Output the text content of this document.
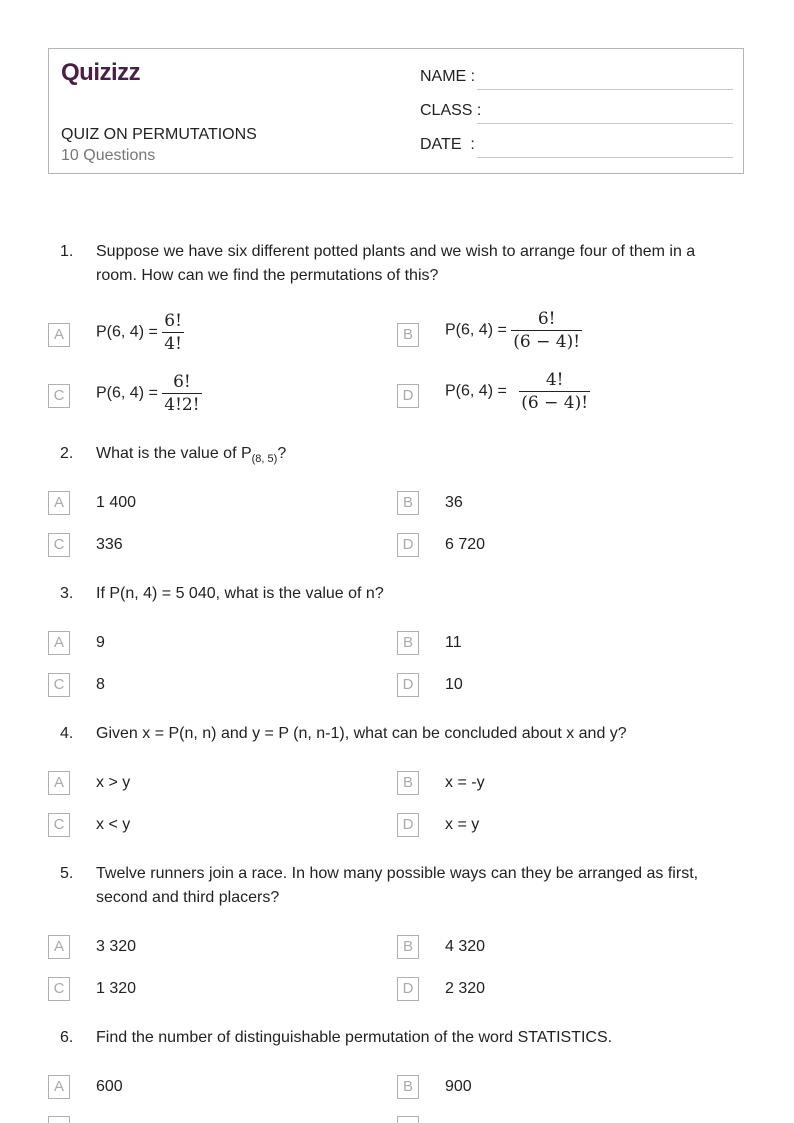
Quizizz
QUIZ ON PERMUTATIONS
10 Questions
NAME :
CLASS :
DATE  :
1. Suppose we have six different potted plants and we wish to arrange four of them in a room. How can we find the permutations of this?
A	P(6, $4) = \frac{6!}{4!}$	B	P(6, $4) = \frac{6!}{(6 - 4)!}$
C	P(6, $4) = \frac{6!}{4!2!}$	D	P(6, $4) = \frac{4!}{(6 - 4)!}$
2. What is the value of $P_{(8, 5)}$?
A	1 400	B	36
C	336	D	6 720
3. If P(n, 4) = 5 040, what is the value of n?
A	9	B	11
C	8	D	10
4. Given x = P(n, n) and y = P (n, n-1), what can be concluded about x and y?
A	x > y	B	x = -y
C	x < y	D	x = y
5. Twelve runners join a race. In how many possible ways can they be arranged as first, second and third placers?
A	3 320	B	4 320
C	1 320	D	2 320
6. Find the number of distinguishable permutation of the word STATISTICS.
A	600	B	900
